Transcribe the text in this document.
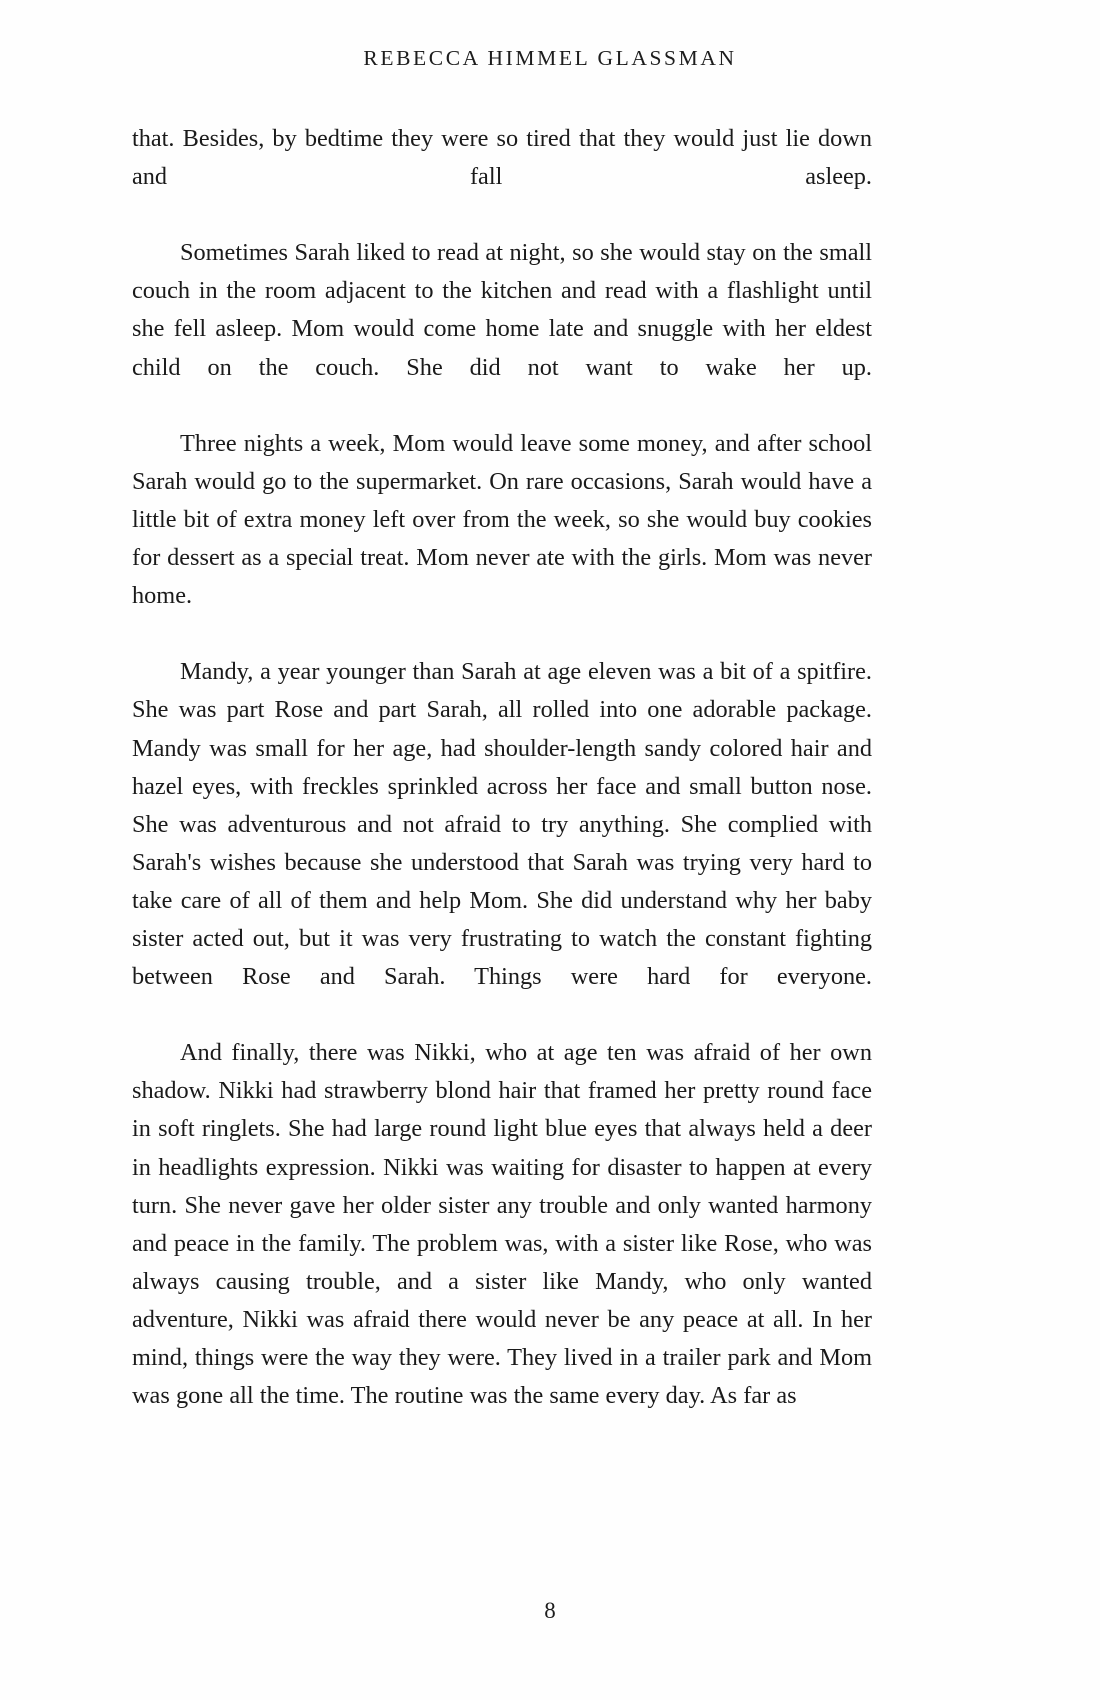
REBECCA HIMMEL GLASSMAN

that. Besides, by bedtime they were so tired that they would just lie down and fall asleep.

Sometimes Sarah liked to read at night, so she would stay on the small couch in the room adjacent to the kitchen and read with a flashlight until she fell asleep. Mom would come home late and snuggle with her eldest child on the couch. She did not want to wake her up.

Three nights a week, Mom would leave some money, and after school Sarah would go to the supermarket. On rare occasions, Sarah would have a little bit of extra money left over from the week, so she would buy cookies for dessert as a special treat. Mom never ate with the girls. Mom was never home.

Mandy, a year younger than Sarah at age eleven was a bit of a spitfire. She was part Rose and part Sarah, all rolled into one adorable package. Mandy was small for her age, had shoulder-length sandy colored hair and hazel eyes, with freckles sprinkled across her face and small button nose. She was adventurous and not afraid to try anything. She complied with Sarah's wishes because she understood that Sarah was trying very hard to take care of all of them and help Mom. She did understand why her baby sister acted out, but it was very frustrating to watch the constant fighting between Rose and Sarah. Things were hard for everyone.

And finally, there was Nikki, who at age ten was afraid of her own shadow. Nikki had strawberry blond hair that framed her pretty round face in soft ringlets. She had large round light blue eyes that always held a deer in headlights expression. Nikki was waiting for disaster to happen at every turn. She never gave her older sister any trouble and only wanted harmony and peace in the family. The problem was, with a sister like Rose, who was always causing trouble, and a sister like Mandy, who only wanted adventure, Nikki was afraid there would never be any peace at all. In her mind, things were the way they were. They lived in a trailer park and Mom was gone all the time. The routine was the same every day. As far as

8
